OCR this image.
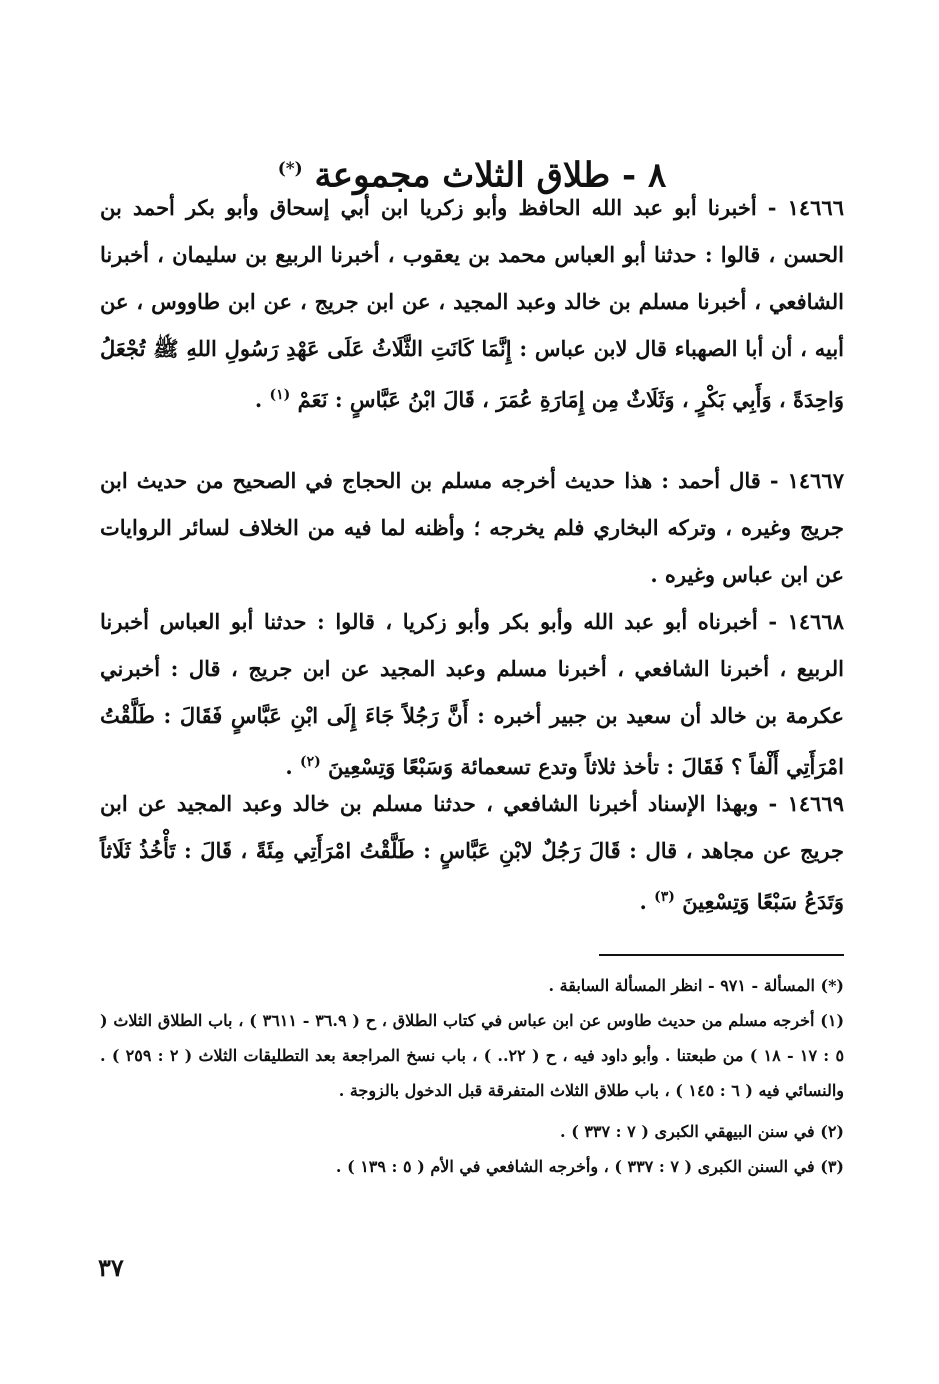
٨ - طلاق الثلاث مجموعة (*)

١٤٦٦٦ - أخبرنا أبو عبد الله الحافظ وأبو زكريا ابن أبي إسحاق وأبو بكر أحمد بن الحسن ، قالوا : حدثنا أبو العباس محمد بن يعقوب ، أخبرنا الربيع بن سليمان ، أخبرنا الشافعي ، أخبرنا مسلم بن خالد وعبد المجيد ، عن ابن جريج ، عن ابن طاووس ، عن أبيه ، أن أبا الصهباء قال لابن عباس : إِنَّمَا كَانَتِ الثَّلَاثُ عَلَى عَهْدِ رَسُولِ اللهِ ﷺ تُجْعَلُ وَاحِدَةً ، وَأَبِي بَكْرٍ ، وَثَلَاثٌ مِن إِمَارَةِ عُمَرَ ، قَالَ ابْنُ عَبَّاسٍ : نَعَمْ $^{(١)}$ .

١٤٦٦٧ - قال أحمد : هذا حديث أخرجه مسلم بن الحجاج في الصحيح من حديث ابن جريج وغيره ، وتركه البخاري فلم يخرجه ؛ وأظنه لما فيه من الخلاف لسائر الروايات عن ابن عباس وغيره .

١٤٦٦٨ - أخبرناه أبو عبد الله وأبو بكر وأبو زكريا ، قالوا : حدثنا أبو العباس أخبرنا الربيع ، أخبرنا الشافعي ، أخبرنا مسلم وعبد المجيد عن ابن جريج ، قال : أخبرني عكرمة بن خالد أن سعيد بن جبير أخبره : أَنَّ رَجُلاً جَاءَ إِلَى ابْنِ عَبَّاسٍ فَقَالَ : طَلَّقْتُ امْرَأَتِي أَلْفاً ؟ فَقَالَ : تأخذ ثلاثاً وتدع تسعمائة وَسَبْعًا وَتِسْعِينَ $^{(٢)}$ .

١٤٦٦٩ - وبهذا الإسناد أخبرنا الشافعي ، حدثنا مسلم بن خالد وعبد المجيد عن ابن جريج عن مجاهد ، قال : قَالَ رَجُلٌ لابْنِ عَبَّاسٍ : طَلَّقْتُ امْرَأَتِي مِئَةً ، قَالَ : تَأْخُذُ ثَلَاثاً وَتَدَعُ سَبْعًا وَتِسْعِينَ $^{(٣)}$ .

(*) المسألة - ٩٧١ - انظر المسألة السابقة .

(١) أخرجه مسلم من حديث طاوس عن ابن عباس في كتاب الطلاق ، ح ( ٣٦.٩ - ٣٦١١ ) ، باب الطلاق الثلاث ( ٥ : ١٧ - ١٨ ) من طبعتنا . وأبو داود فيه ، ح ( ٢٢.. ) ، باب نسخ المراجعة بعد التطليقات الثلاث ( ٢ : ٢٥٩ ) . والنسائي فيه ( ٦ : ١٤٥ ) ، باب طلاق الثلاث المتفرقة قبل الدخول بالزوجة .

(٢) في سنن البيهقي الكبرى ( ٧ : ٣٣٧ ) .

(٣) في السنن الكبرى ( ٧ : ٣٣٧ ) ، وأخرجه الشافعي في الأم ( ٥ : ١٣٩ ) .

٣٧
